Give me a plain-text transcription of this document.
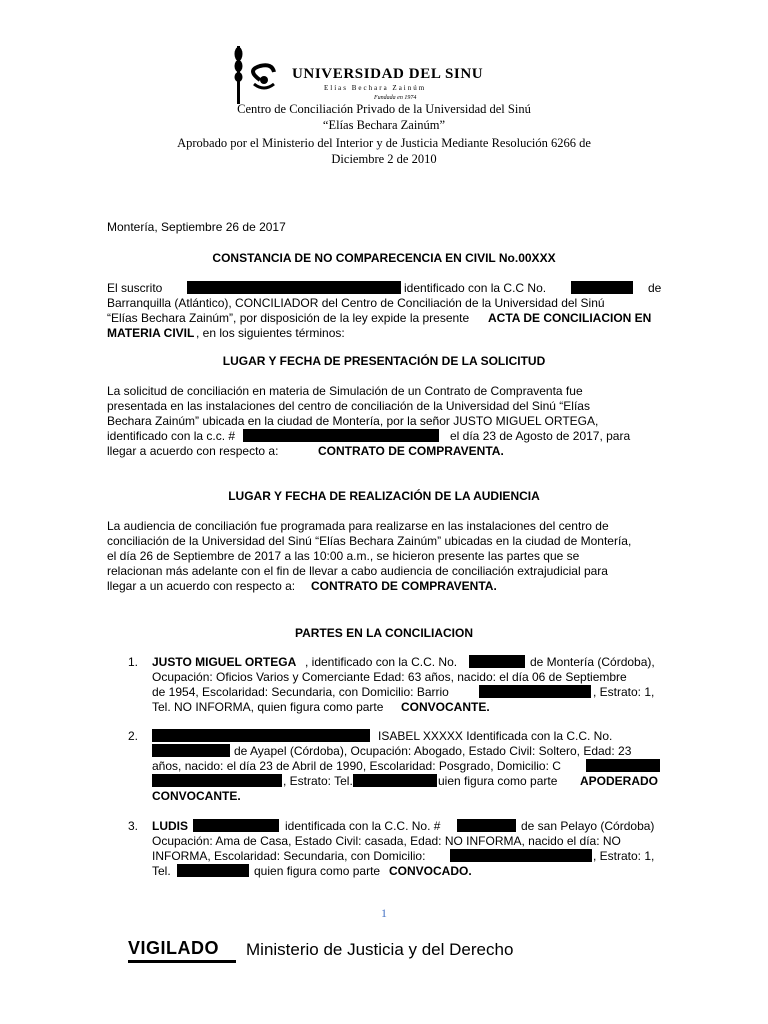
UNIVERSIDAD DEL SINU
Elías Bechara Zainúm
Fundada en 1974
Centro de Conciliación Privado de la Universidad del Sinú
“Elías Bechara Zainúm”
Aprobado por el Ministerio del Interior y de Justicia Mediante Resolución 6266 de
Diciembre 2 de 2010
Montería, Septiembre 26 de 2017
CONSTANCIA DE NO COMPARECENCIA EN CIVIL No.00XXX
El suscrito	identificado con la C.C No.	de
Barranquilla (Atlántico), CONCILIADOR del Centro de Conciliación de la Universidad del Sinú
“Elías Bechara Zainúm”, por disposición de la ley expide la presente ACTA DE CONCILIACION EN
MATERIA CIVIL , en los siguientes términos:
LUGAR Y FECHA DE PRESENTACIÓN DE LA SOLICITUD
La solicitud de conciliación en materia de Simulación de un Contrato de Compraventa fue
presentada en las instalaciones del centro de conciliación de la Universidad del Sinú “Elías
Bechara Zainúm” ubicada en la ciudad de Montería, por la señor JUSTO MIGUEL ORTEGA,
identificado con la c.c. #	el día 23 de Agosto de 2017, para
llegar a acuerdo con respecto a:	CONTRATO DE COMPRAVENTA.
LUGAR Y FECHA DE REALIZACIÓN DE LA AUDIENCIA
La audiencia de conciliación fue programada para realizarse en las instalaciones del centro de
conciliación de la Universidad del Sinú “Elías Bechara Zainúm” ubicadas en la ciudad de Montería,
el día 26 de Septiembre de 2017 a las 10:00 a.m., se hicieron presente las partes que se
relacionan más adelante con el fin de llevar a cabo audiencia de conciliación extrajudicial para
llegar a un acuerdo con respecto a: CONTRATO DE COMPRAVENTA.
PARTES EN LA CONCILIACION
1. JUSTO MIGUEL ORTEGA , identificado con la C.C. No.	de Montería (Córdoba),
Ocupación: Oficios Varios y Comerciante Edad: 63 años, nacido: el día 06 de Septiembre
de 1954, Escolaridad: Secundaria, con Domicilio: Barrio	, Estrato: 1,
Tel. NO INFORMA, quien figura como parte CONVOCANTE.
2.	ISABEL XXXXX Identificada con la C.C. No.
de Ayapel (Córdoba), Ocupación: Abogado, Estado Civil: Soltero, Edad: 23
años, nacido: el día 23 de Abril de 1990, Escolaridad: Posgrado, Domicilio: C
, Estrato: Tel.	uien figura como parte APODERADO
CONVOCANTE.
3. LUDIS	identificada con la C.C. No. #	de san Pelayo (Córdoba)
Ocupación: Ama de Casa, Estado Civil: casada, Edad: NO INFORMA, nacido el día: NO
INFORMA, Escolaridad: Secundaria, con Domicilio:	, Estrato: 1,
Tel.	quien figura como parte CONVOCADO.
1
VIGILADO Ministerio de Justicia y del Derecho
